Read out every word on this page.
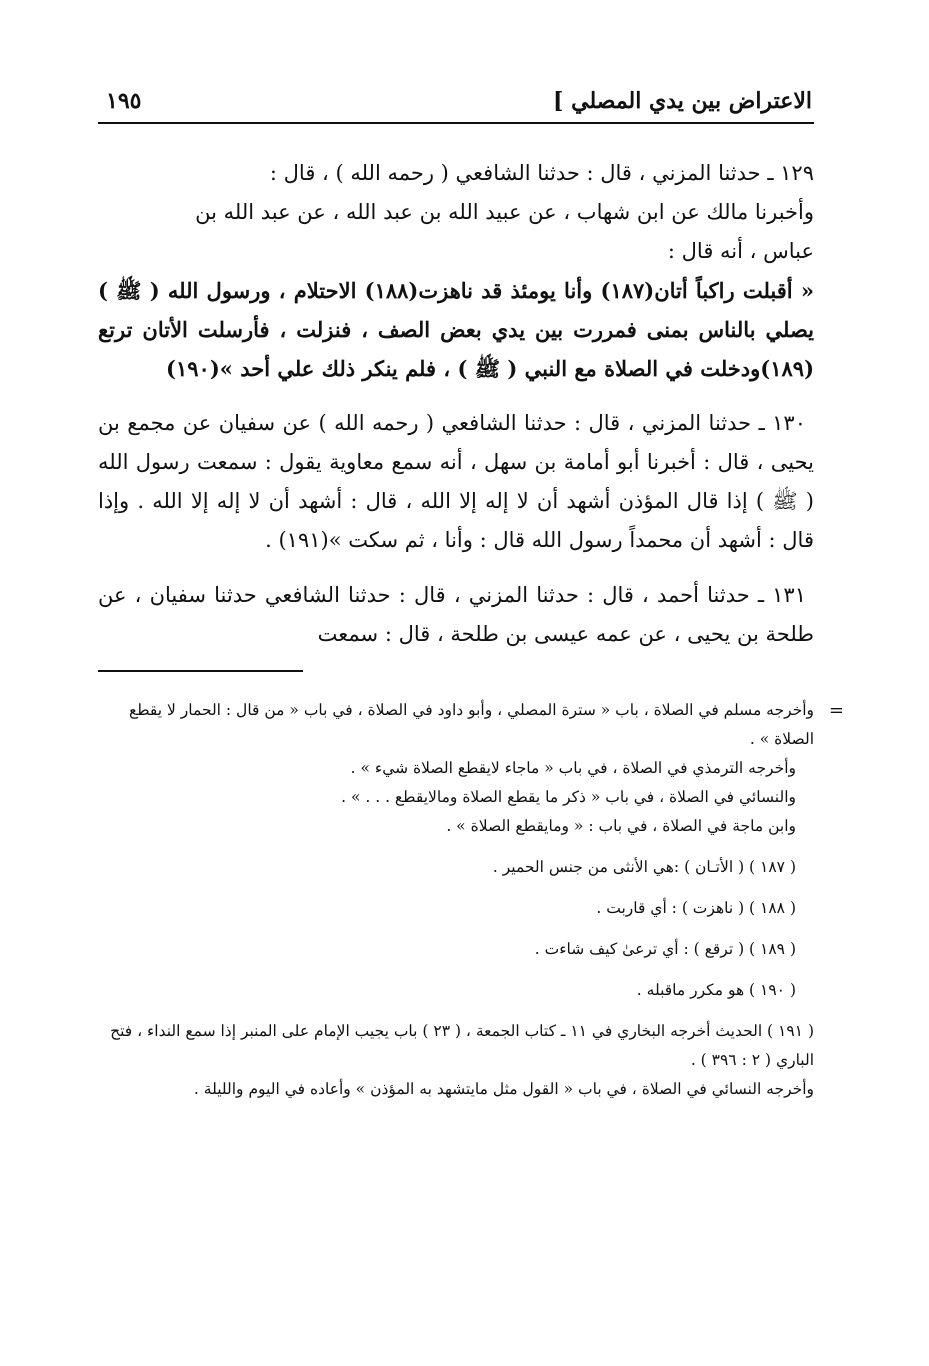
الاعتراض بين يدي المصلي ]
١٩٥

١٢٩ ـ حدثنا المزني ، قال : حدثنا الشافعي ( رحمه الله ) ، قال :
وأخبرنا مالك عن ابن شهاب ، عن عبيد الله بن عبد الله ، عن عبد الله بن
عباس ، أنه قال :
« أقبلت راكباً أتان(١٨٧) وأنا يومئذ قد ناهزت(١٨٨) الاحتلام ، ورسول الله ( ﷺ ) يصلي بالناس بمنى فمررت بين يدي بعض الصف ، فنزلت ، فأرسلت الأتان ترتع (١٨٩)ودخلت في الصلاة مع النبي ( ﷺ ) ، فلم ينكر ذلك علي أحد »(١٩٠)

١٣٠ ـ حدثنا المزني ، قال : حدثنا الشافعي ( رحمه الله ) عن سفيان عن مجمع بن يحيى ، قال : أخبرنا أبو أمامة بن سهل ، أنه سمع معاوية يقول : سمعت رسول الله ( ﷺ ) إذا قال المؤذن أشهد أن لا إله إلا الله ، قال : أشهد أن لا إله إلا الله . وإذا قال : أشهد أن محمداً رسول الله قال : وأنا ، ثم سكت »(١٩١) .

١٣١ ـ حدثنا أحمد ، قال : حدثنا المزني ، قال : حدثنا الشافعي حدثنا سفيان ، عن طلحة بن يحيى ، عن عمه عيسى بن طلحة ، قال : سمعت

=

وأخرجه مسلم في الصلاة ، باب « سترة المصلي ، وأبو داود في الصلاة ، في باب « من قال : الحمار لا يقطع الصلاة » .

وأخرجه الترمذي في الصلاة ، في باب « ماجاء لايقطع الصلاة شيء » .

والنسائي في الصلاة ، في باب « ذكر ما يقطع الصلاة ومالايقطع . . . » .

وابن ماجة في الصلاة ، في باب : « ومايقطع الصلاة » .

( ١٨٧ ) ( الأتـان ) :هي الأنثى من جنس الحمير .

( ١٨٨ ) ( ناهزت ) : أي قاربت .

( ١٨٩ ) ( ترقع ) : أي ترعىٰ كيف شاءت .

( ١٩٠ ) هو مكرر ماقبله .

( ١٩١ ) الحديث أخرجه البخاري في ١١ ـ كتاب الجمعة ، ( ٢٣ ) باب يجيب الإمام على المنبر إذا سمع النداء ، فتح الباري ( ٢ : ٣٩٦ ) .

وأخرجه النسائي في الصلاة ، في باب « القول مثل مايتشهد به المؤذن » وأعاده في اليوم والليلة .
